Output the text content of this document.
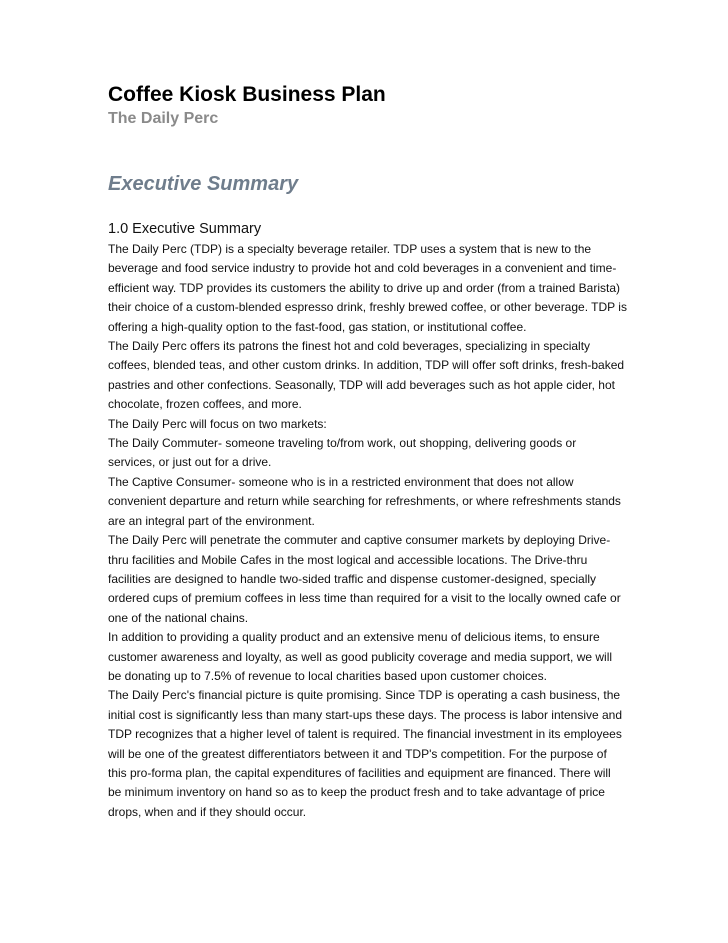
Coffee Kiosk Business Plan
The Daily Perc
Executive Summary
1.0 Executive Summary

The Daily Perc (TDP) is a specialty beverage retailer. TDP uses a system that is new to the
beverage and food service industry to provide hot and cold beverages in a convenient and time-
efficient way. TDP provides its customers the ability to drive up and order (from a trained Barista)
their choice of a custom-blended espresso drink, freshly brewed coffee, or other beverage. TDP is
offering a high-quality option to the fast-food, gas station, or institutional coffee.

The Daily Perc offers its patrons the finest hot and cold beverages, specializing in specialty
coffees, blended teas, and other custom drinks. In addition, TDP will offer soft drinks, fresh-baked
pastries and other confections. Seasonally, TDP will add beverages such as hot apple cider, hot
chocolate, frozen coffees, and more.

The Daily Perc will focus on two markets:

The Daily Commuter- someone traveling to/from work, out shopping, delivering goods or
services, or just out for a drive.

The Captive Consumer- someone who is in a restricted environment that does not allow
convenient departure and return while searching for refreshments, or where refreshments stands
are an integral part of the environment.

The Daily Perc will penetrate the commuter and captive consumer markets by deploying Drive-
thru facilities and Mobile Cafes in the most logical and accessible locations. The Drive-thru
facilities are designed to handle two-sided traffic and dispense customer-designed, specially
ordered cups of premium coffees in less time than required for a visit to the locally owned cafe or
one of the national chains.

In addition to providing a quality product and an extensive menu of delicious items, to ensure
customer awareness and loyalty, as well as good publicity coverage and media support, we will
be donating up to 7.5% of revenue to local charities based upon customer choices.

The Daily Perc's financial picture is quite promising. Since TDP is operating a cash business, the
initial cost is significantly less than many start-ups these days. The process is labor intensive and
TDP recognizes that a higher level of talent is required. The financial investment in its employees
will be one of the greatest differentiators between it and TDP's competition. For the purpose of
this pro-forma plan, the capital expenditures of facilities and equipment are financed. There will
be minimum inventory on hand so as to keep the product fresh and to take advantage of price
drops, when and if they should occur.
